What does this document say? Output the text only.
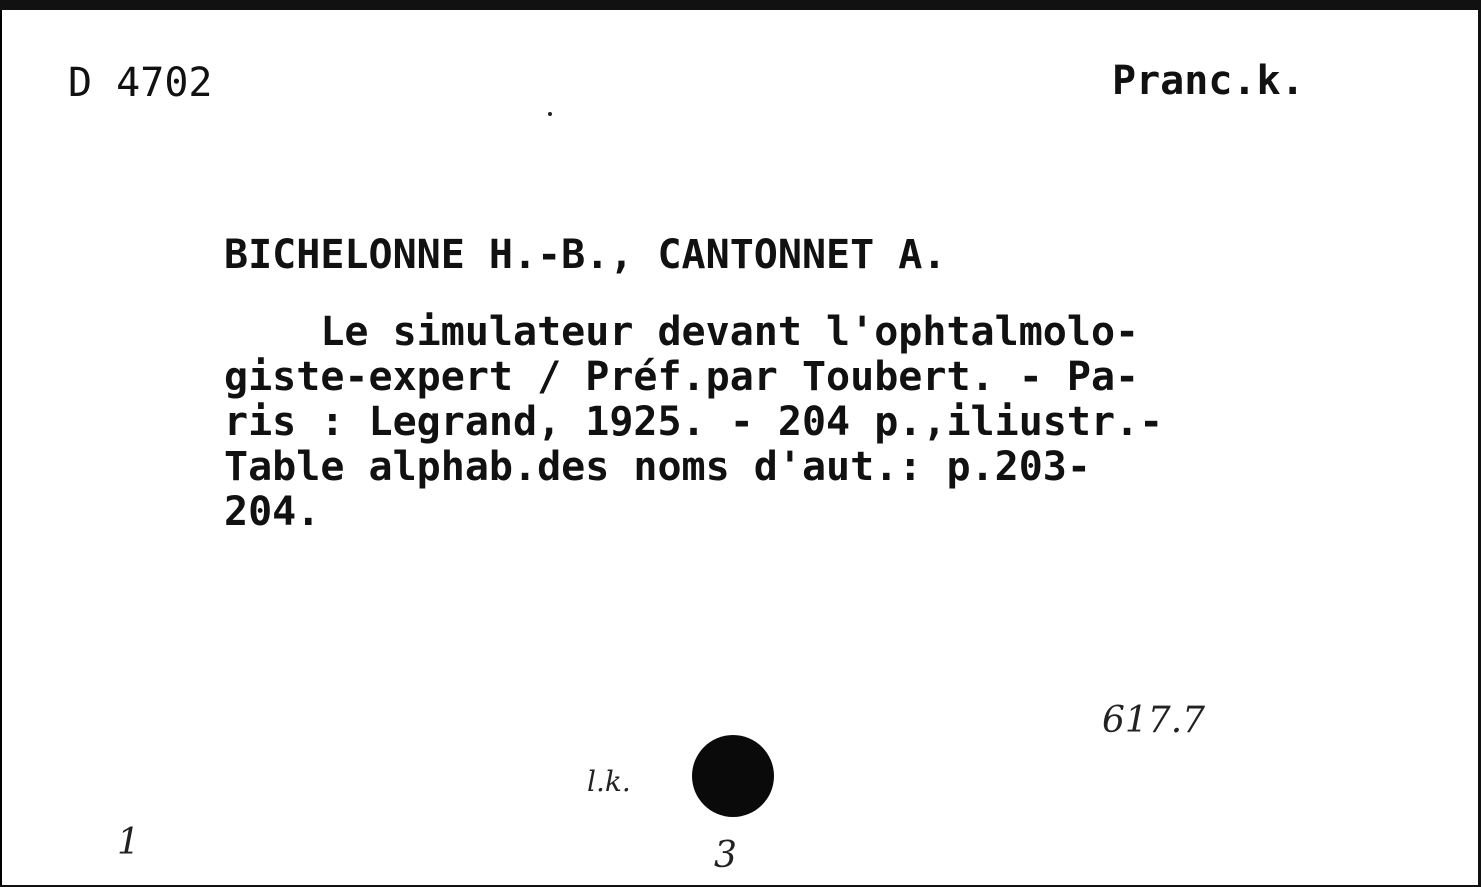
D 4702	Pranc.k.
BICHELONNE H.-B., CANTONNET A.
Le simulateur devant l'ophtalmolo-
giste-expert / Préf.par Toubert. - Pa-
ris : Legrand, 1925. - 204 p.,iliustr.-
Table alphab.des noms d'aut.: p.203-
204.
617.7
l.k.
1	3
